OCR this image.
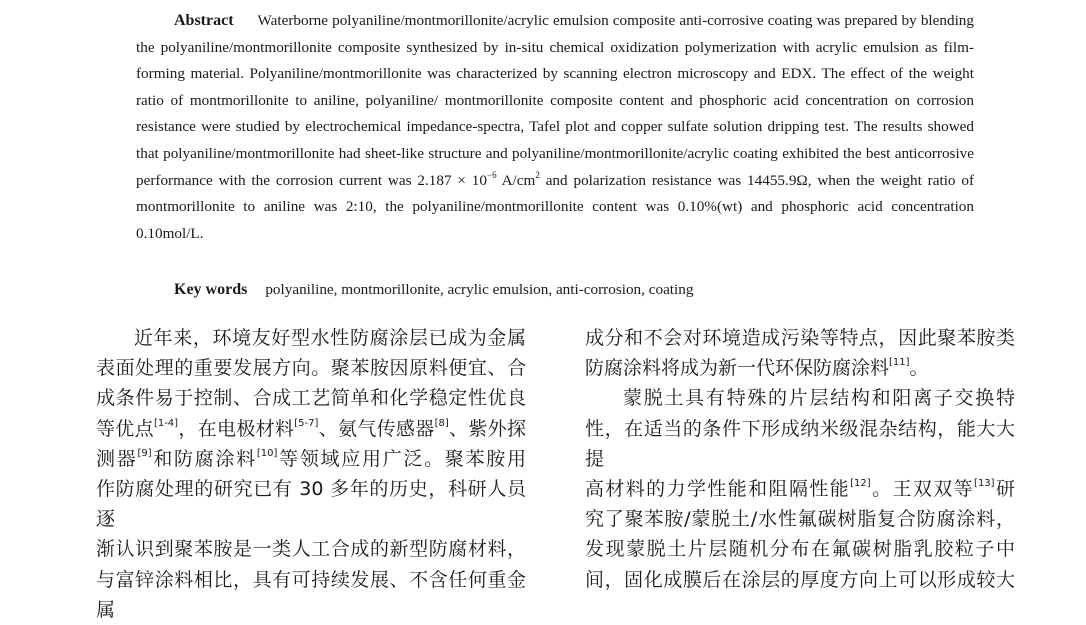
Abstract Waterborne polyaniline/montmorillonite/acrylic emulsion composite anti-corrosive coating was prepared by blending the polyaniline/montmorillonite composite synthesized by in-situ chemical oxidization polymerization with acrylic emulsion as film-forming material. Polyaniline/montmorillonite was characterized by scanning electron microscopy and EDX. The effect of the weight ratio of montmorillonite to aniline, polyaniline/ montmorillonite composite content and phosphoric acid concentration on corrosion resistance were studied by electrochemical impedance-spectra, Tafel plot and copper sulfate solution dripping test. The results showed that polyaniline/montmorillonite had sheet-like structure and polyaniline/montmorillonite/acrylic coating exhibited the best anticorrosive performance with the corrosion current was $2.187 \times 10^{-6}$ $A/cm^2$ and polarization resistance was 14455.9Ω, when the weight ratio of montmorillonite to aniline was 2:10, the polyaniline/montmorillonite content was 0.10%(wt) and phosphoric acid concentration 0.10mol/L.
Key words polyaniline, montmorillonite, acrylic emulsion, anti-corrosion, coating

近年来，环境友好型水性防腐涂层已成为金属

表面处理的重要发展方向。聚苯胺因原料便宜、合

成条件易于控制、合成工艺简单和化学稳定性优良

等优点[1-4]，在电极材料[5-7]、氨气传感器[8]、紫外探

测器[9]和防腐涂料[10]等领域应用广泛。聚苯胺用

作防腐处理的研究已有 30 多年的历史，科研人员逐

渐认识到聚苯胺是一类人工合成的新型防腐材料，

与富锌涂料相比，具有可持续发展、不含任何重金属

成分和不会对环境造成污染等特点，因此聚苯胺类

防腐涂料将成为新一代环保防腐涂料[11]。

蒙脱土具有特殊的片层结构和阳离子交换特

性，在适当的条件下形成纳米级混杂结构，能大大提

高材料的力学性能和阻隔性能[12]。王双双等[13]研

究了聚苯胺/蒙脱土/水性氟碳树脂复合防腐涂料，

发现蒙脱土片层随机分布在氟碳树脂乳胶粒子中

间，固化成膜后在涂层的厚度方向上可以形成较大
